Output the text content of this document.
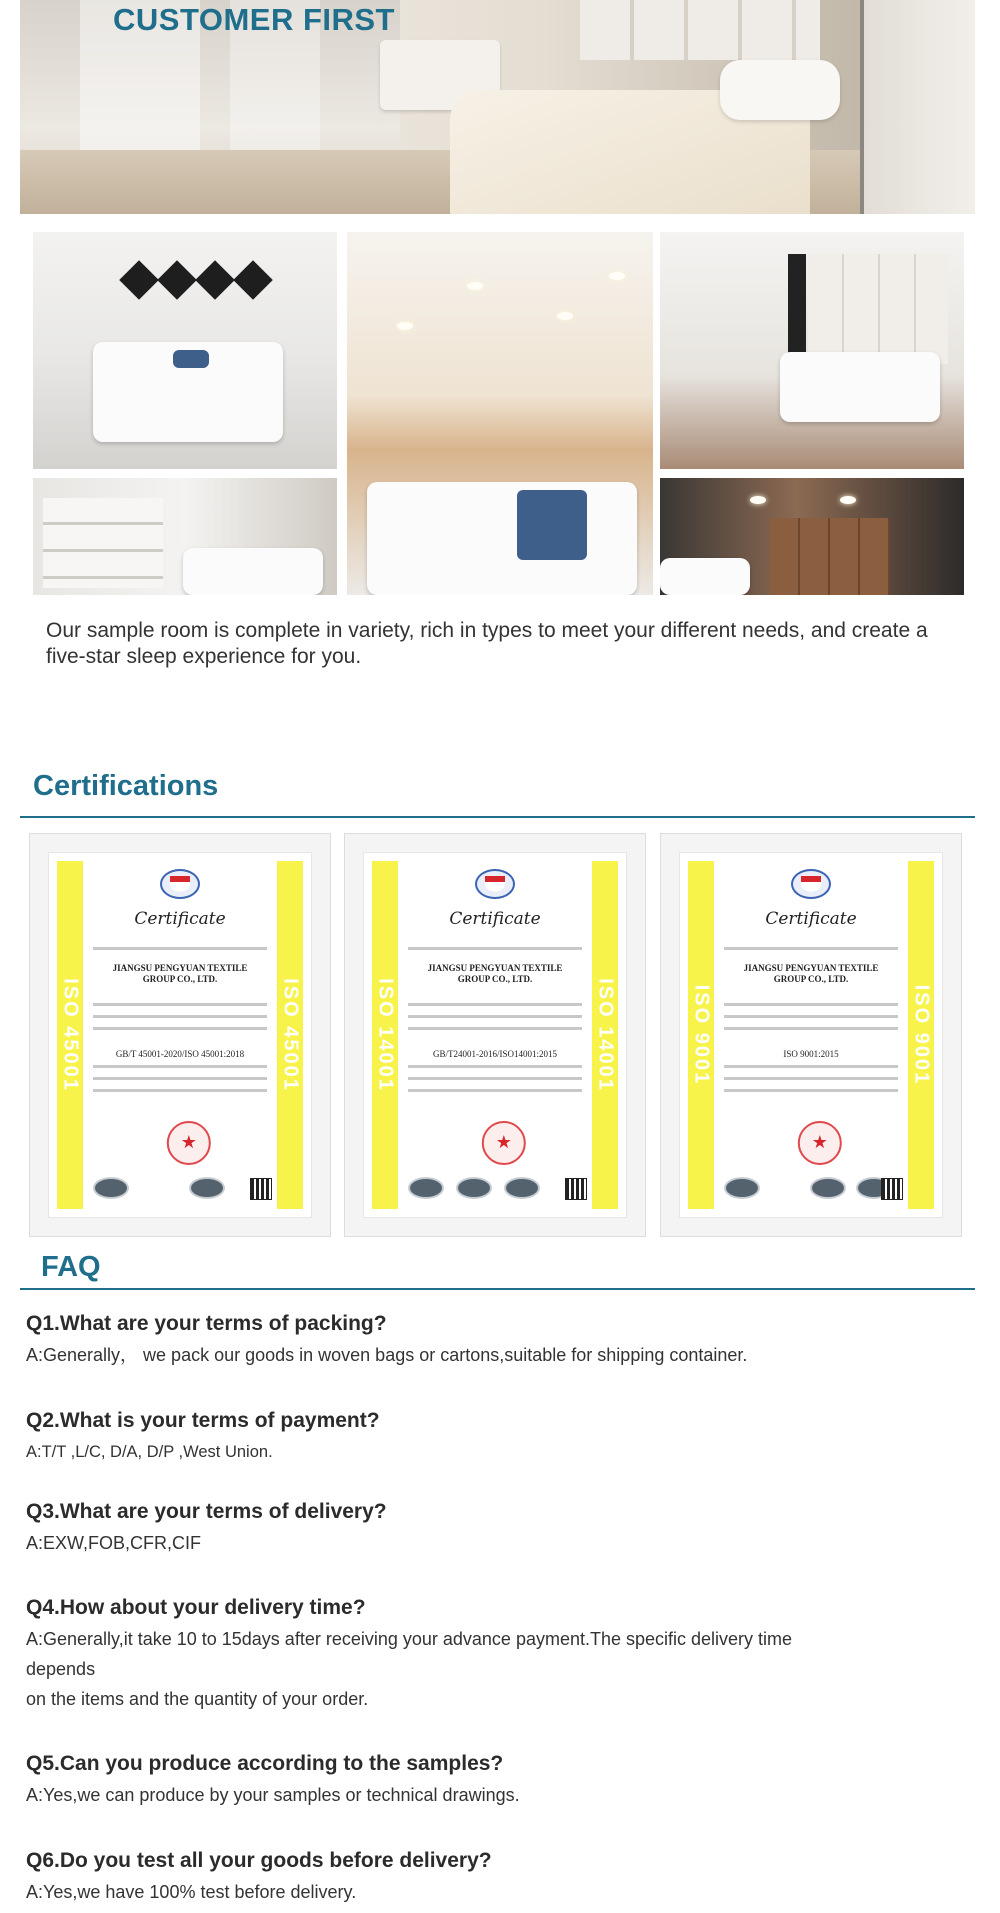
CUSTOMER FIRST

Our sample room is complete in variety, rich in types to meet your different needs, and create a five-star sleep experience for you.

Certifications
ISO 45001	ISO 45001
Certificate
JIANGSU PENGYUAN TEXTILE
GROUP CO., LTD.
GB/T 45001-2020/ISO 45001:2018
★	ISO 14001	ISO 14001
Certificate
JIANGSU PENGYUAN TEXTILE
GROUP CO., LTD.
GB/T24001-2016/ISO14001:2015
★	ISO 9001	ISO 9001
Certificate
JIANGSU PENGYUAN TEXTILE
GROUP CO., LTD.
ISO 9001:2015
★
FAQ
Q1.What are your terms of packing?
A:Generally， we pack our goods in woven bags or cartons,suitable for shipping container.
Q2.What is your terms of payment?
A:T/T ,L/C, D/A, D/P ,West Union.
Q3.What are your terms of delivery?
A:EXW,FOB,CFR,CIF
Q4.How about your delivery time?
A:Generally,it take 10 to 15days after receiving your advance payment.The specific delivery time
depends
on the items and the quantity of your order.
Q5.Can you produce according to the samples?
A:Yes,we can produce by your samples or technical drawings.
Q6.Do you test all your goods before delivery?
A:Yes,we have 100% test before delivery.
